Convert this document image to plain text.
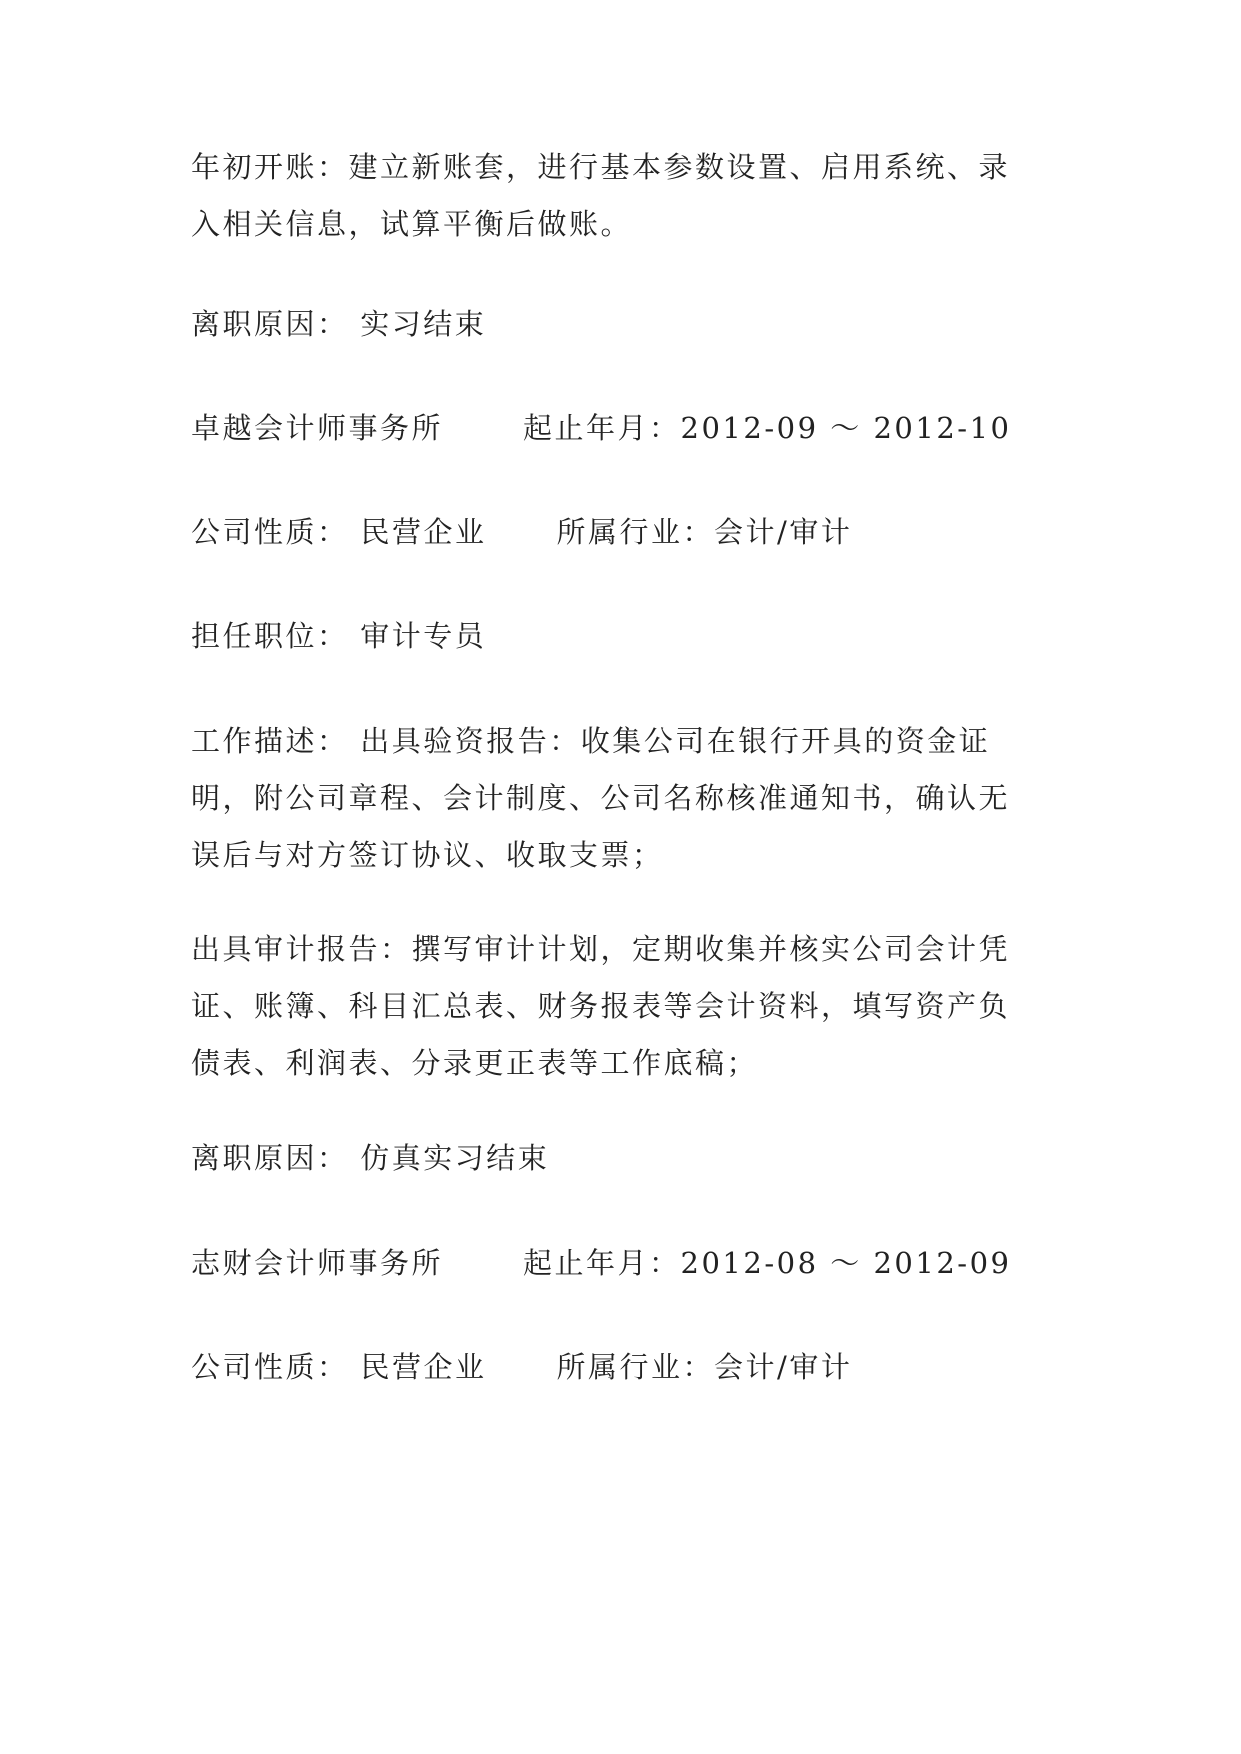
年初开账：建立新账套，进行基本参数设置、启用系统、录
入相关信息，试算平衡后做账。

离职原因： 实习结束

卓越会计师事务所	起止年月：2012-09 ～ 2012-10

公司性质： 民营企业 所属行业：会计/审计

担任职位： 审计专员

工作描述： 出具验资报告：收集公司在银行开具的资金证
明，附公司章程、会计制度、公司名称核准通知书，确认无
误后与对方签订协议、收取支票；

出具审计报告：撰写审计计划，定期收集并核实公司会计凭
证、账簿、科目汇总表、财务报表等会计资料，填写资产负
债表、利润表、分录更正表等工作底稿；

离职原因： 仿真实习结束

志财会计师事务所	起止年月：2012-08 ～ 2012-09

公司性质： 民营企业 所属行业：会计/审计
